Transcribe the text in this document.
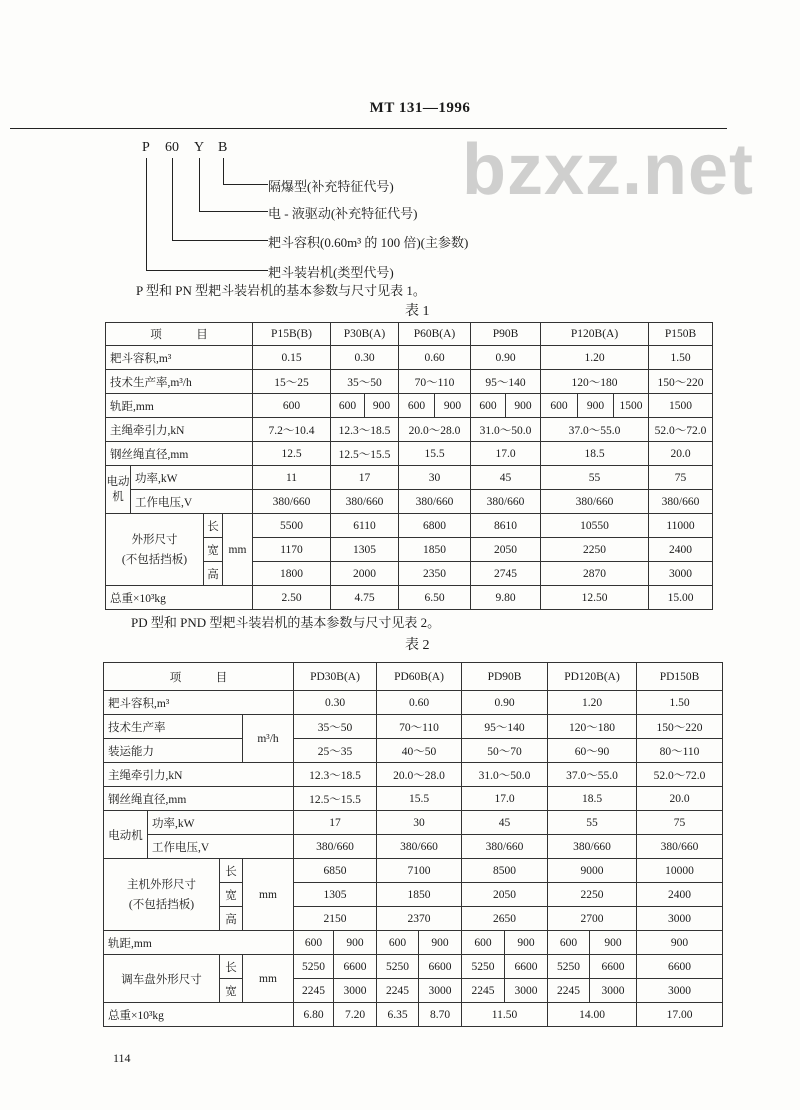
MT 131—1996
bzxz.net
P 60 Y B
隔爆型(补充特征代号)
电 - 液驱动(补充特征代号)
耙斗容积(0.60m³ 的 100 倍)(主参数)
耙斗装岩机(类型代号)
P 型和 PN 型耙斗装岩机的基本参数与尺寸见表 1。
表 1
项　　　目				P15B(B)	P30B(A)		P60B(A)		P90B		P120B(A)			P150B
耙斗容积,m³				0.15	0.30		0.60		0.90		1.20			1.50
技术生产率,m³/h				15～25	35～50		70～110		95～140		120～180			150～220
轨距,mm				600	600	900	600	900	600	900	600	900	1500	1500
主绳牵引力,kN				7.2～10.4	12.3～18.5		20.0～28.0		31.0～50.0		37.0～55.0			52.0～72.0
钢丝绳直径,mm				12.5	12.5～15.5		15.5		17.0		18.5			20.0
电动机	功率,kW			11	17		30		45		55			75
	工作电压,V			380/660	380/660		380/660		380/660		380/660			380/660
外形尺寸
(不包括挡板)		长	mm	5500	6110		6800		8610		10550			11000
		宽		1170	1305		1850		2050		2250			2400
		高		1800	2000		2350		2745		2870			3000
总重×10³kg				2.50	4.75		6.50		9.80		12.50			15.00
PD 型和 PND 型耙斗装岩机的基本参数与尺寸见表 2。
表 2
项　　　目				PD30B(A)		PD60B(A)		PD90B		PD120B(A)		PD150B
耙斗容积,m³				0.30		0.60		0.90		1.20		1.50
技术生产率			m³/h	35～50		70～110		95～140		120～180		150～220
装运能力				25～35		40～50		50～70		60～90		80～110
主绳牵引力,kN				12.3～18.5		20.0～28.0		31.0～50.0		37.0～55.0		52.0～72.0
钢丝绳直径,mm				12.5～15.5		15.5		17.0		18.5		20.0
电动机	功率,kW			17		30		45		55		75
	工作电压,V			380/660		380/660		380/660		380/660		380/660
主机外形尺寸
(不包括挡板)		长	mm	6850		7100		8500		9000		10000
		宽		1305		1850		2050		2250		2400
		高		2150		2370		2650		2700		3000
轨距,mm				600	900	600	900	600	900	600	900	900
调车盘外形尺寸		长	mm	5250	6600	5250	6600	5250	6600	5250	6600	6600
		宽		2245	3000	2245	3000	2245	3000	2245	3000	3000
总重×10³kg				6.80	7.20	6.35	8.70	11.50		14.00		17.00
114
